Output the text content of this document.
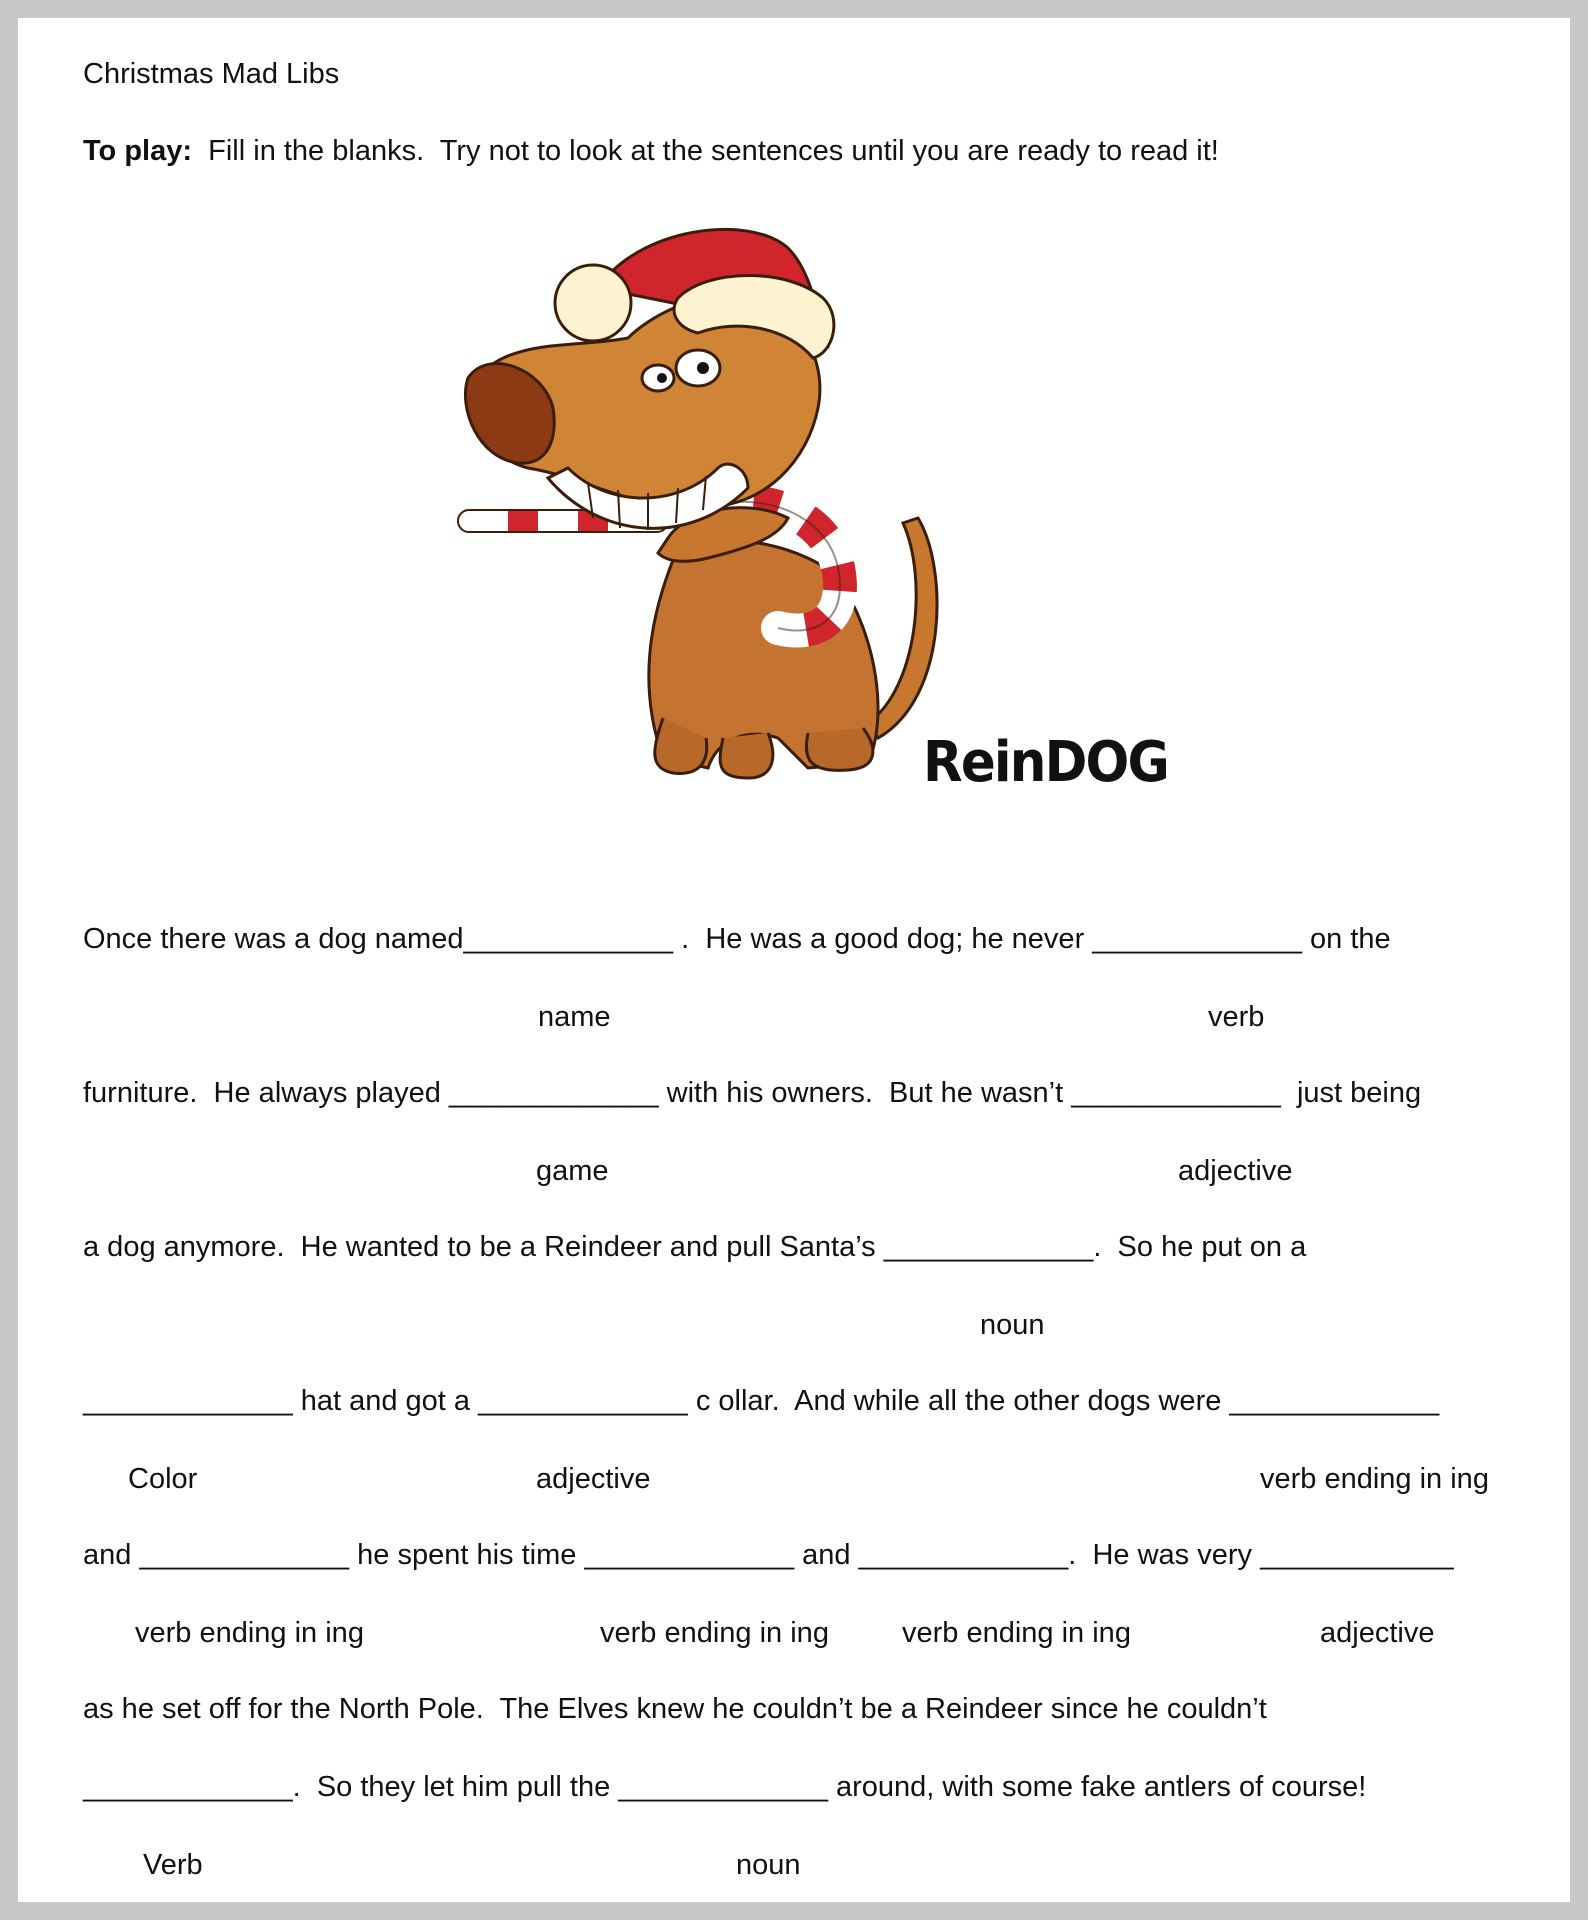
Christmas Mad Libs
To play:  Fill in the blanks.  Try not to look at the sentences until you are ready to read it!
ReinDOG
Once there was a dog named_____________ .  He was a good dog; he never _____________ on the
name	verb
furniture.  He always played _____________ with his owners.  But he wasn’t _____________  just being
game	adjective
a dog anymore.  He wanted to be a Reindeer and pull Santa’s _____________.  So he put on a
noun
_____________ hat and got a _____________ c ollar.  And while all the other dogs were _____________
Color	adjective	verb ending in ing
and _____________ he spent his time _____________ and _____________.  He was very ____________
verb ending in ing	verb ending in ing	verb ending in ing	adjective
as he set off for the North Pole.  The Elves knew he couldn’t be a Reindeer since he couldn’t
_____________.  So they let him pull the _____________ around, with some fake antlers of course!
Verb	noun
